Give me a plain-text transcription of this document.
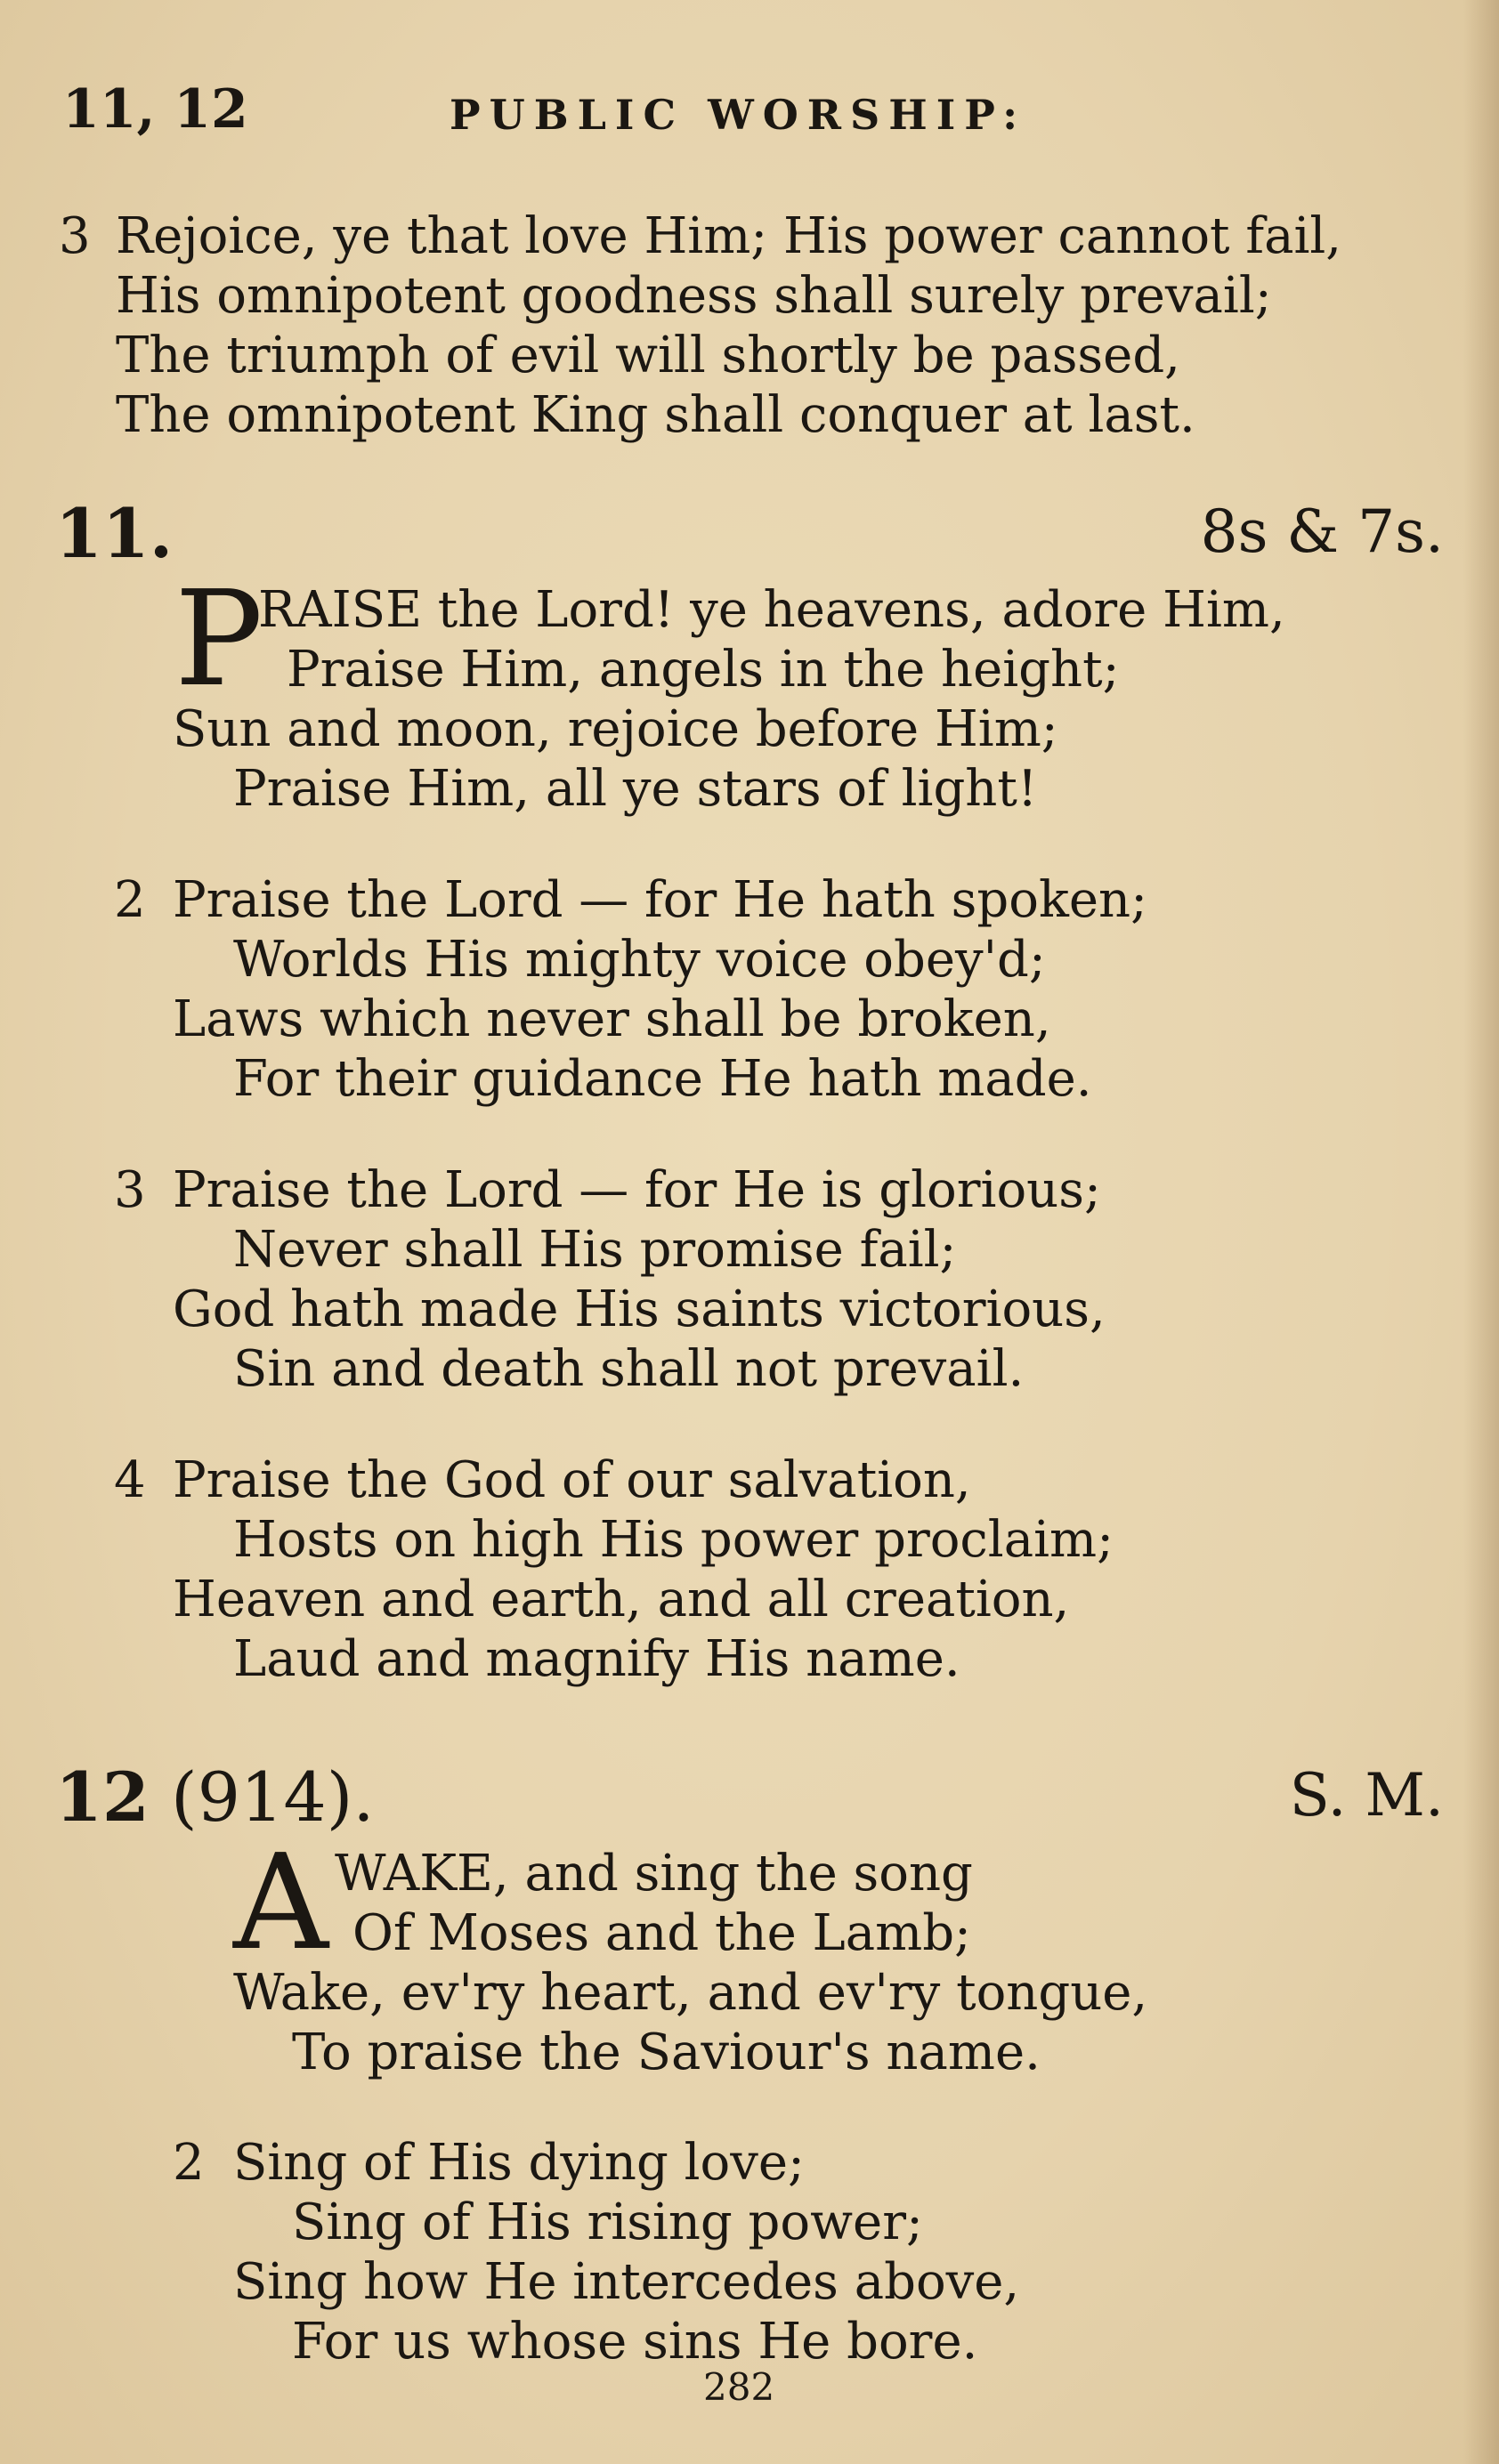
11, 12	PUBLIC WORSHIP:
3 Rejoice, ye that love Him; His power cannot fail,
His omnipotent goodness shall surely prevail;
The triumph of evil will shortly be passed,
The omnipotent King shall conquer at last.
11.	8s & 7s.
P
RAISE the Lord! ye heavens, adore Him,
Praise Him, angels in the height;
Sun and moon, rejoice before Him;
Praise Him, all ye stars of light!
2 Praise the Lord — for He hath spoken;
Worlds His mighty voice obey'd;
Laws which never shall be broken,
For their guidance He hath made.
3 Praise the Lord — for He is glorious;
Never shall His promise fail;
God hath made His saints victorious,
Sin and death shall not prevail.
4 Praise the God of our salvation,
Hosts on high His power proclaim;
Heaven and earth, and all creation,
Laud and magnify His name.
12 (914).	S. M.
A WAKE, and sing the song
Of Moses and the Lamb;
Wake, ev'ry heart, and ev'ry tongue,
To praise the Saviour's name.
2 Sing of His dying love;
Sing of His rising power;
Sing how He intercedes above,
For us whose sins He bore.
282
